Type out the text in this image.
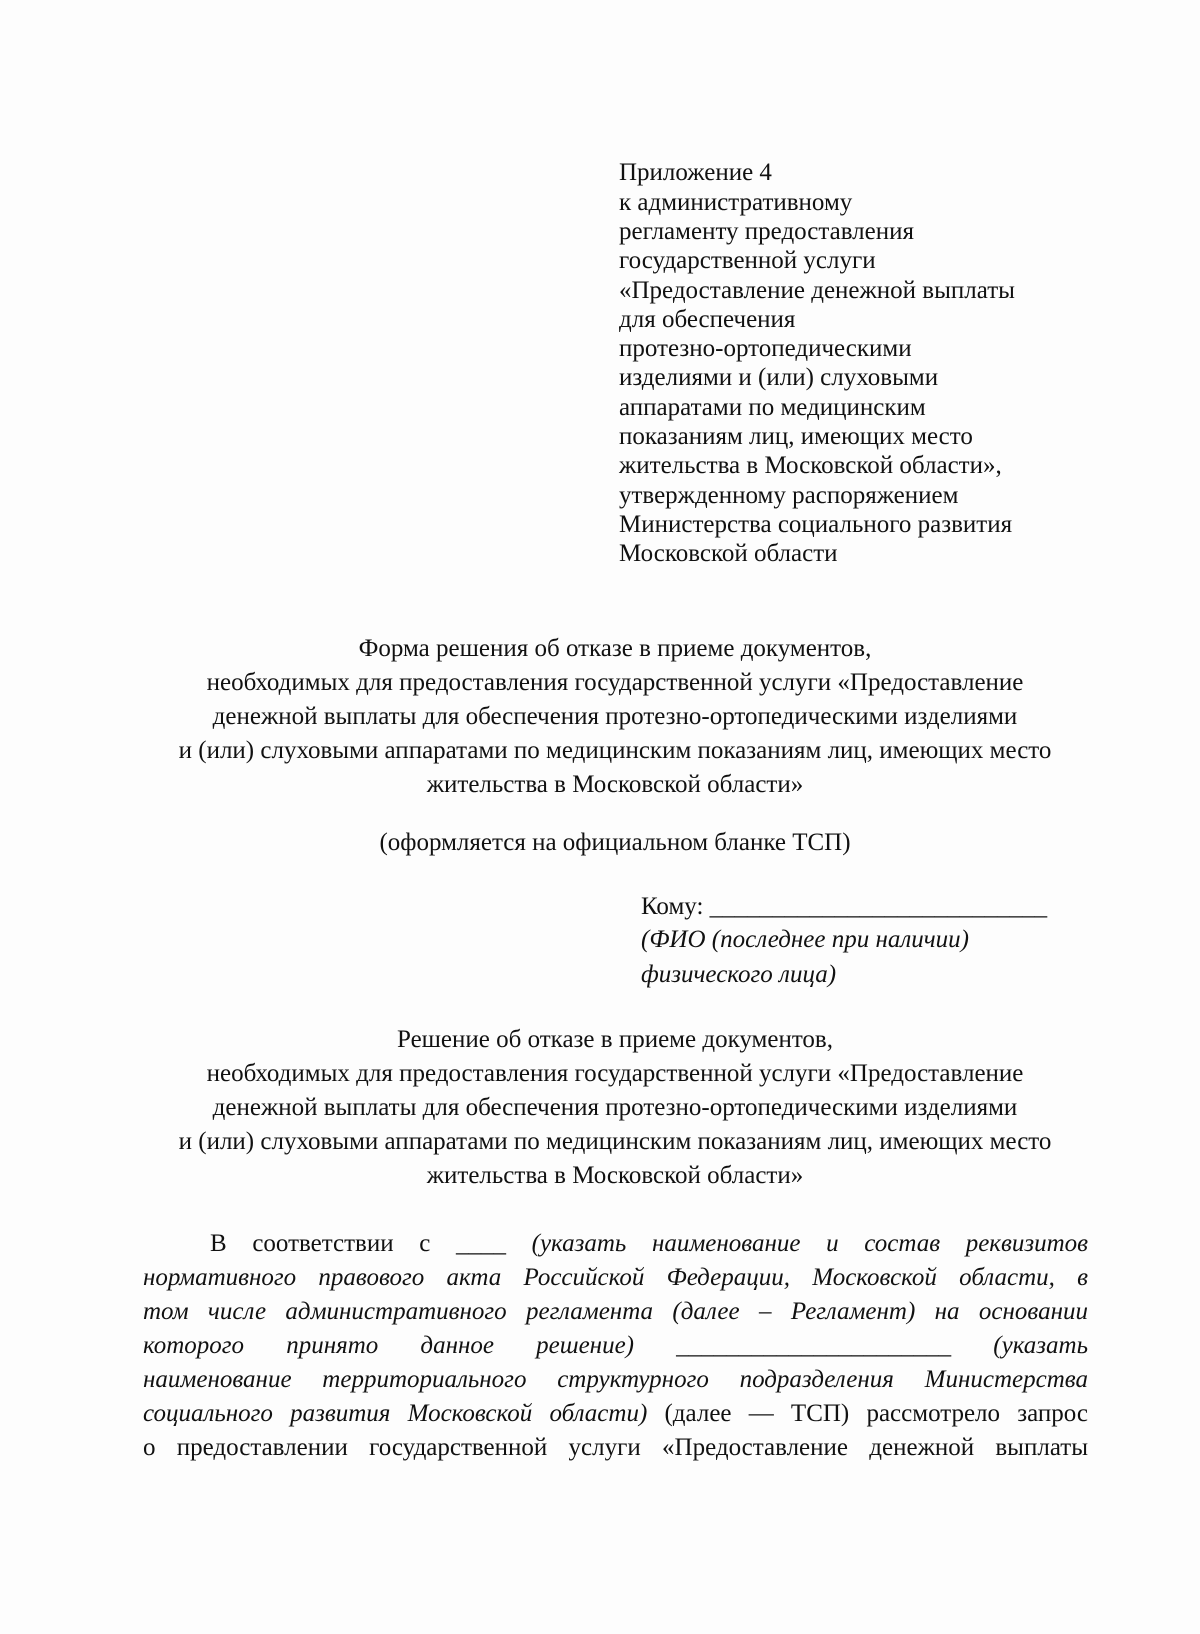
Приложение 4
к административному
регламенту предоставления
государственной услуги
«Предоставление денежной выплаты
для обеспечения
протезно-ортопедическими
изделиями и (или) слуховыми
аппаратами по медицинским
показаниям лиц, имеющих место
жительства в Московской области»,
утвержденному распоряжением
Министерства социального развития
Московской области
Форма решения об отказе в приеме документов,
необходимых для предоставления государственной услуги «Предоставление
денежной выплаты для обеспечения протезно-ортопедическими изделиями
и (или) слуховыми аппаратами по медицинским показаниям лиц, имеющих место
жительства в Московской области»
(оформляется на официальном бланке ТСП)
Кому: ___________________________
(ФИО (последнее при наличии)
физического лица)
Решение об отказе в приеме документов,
необходимых для предоставления государственной услуги «Предоставление
денежной выплаты для обеспечения протезно-ортопедическими изделиями
и (или) слуховыми аппаратами по медицинским показаниям лиц, имеющих место
жительства в Московской области»
В соответствии с ____ (указать наименование и состав реквизитов
нормативного правового акта Российской Федерации, Московской области, в
том числе административного регламента (далее – Регламент) на основании
которого принято данное решение) ______________________ (указать
наименование территориального структурного подразделения Министерства
социального развития Московской области) (далее — ТСП) рассмотрело запрос
о предоставлении государственной услуги «Предоставление денежной выплаты
